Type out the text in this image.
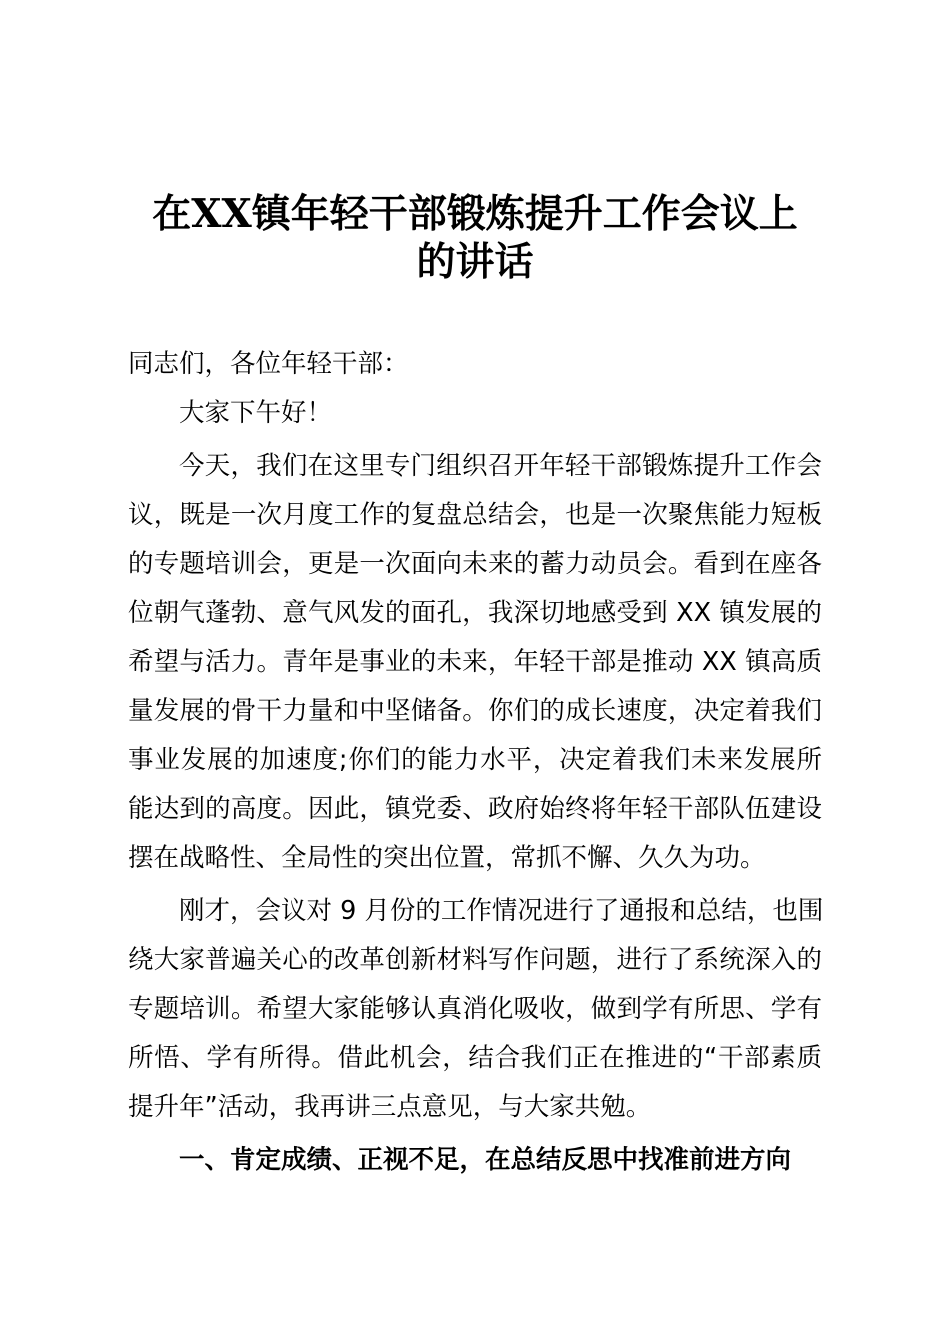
在XX镇年轻干部锻炼提升工作会议上
的讲话
同志们，各位年轻干部：
大家下午好！
今天，我们在这里专门组织召开年轻干部锻炼提升工作会
议，既是一次月度工作的复盘总结会，也是一次聚焦能力短板
的专题培训会，更是一次面向未来的蓄力动员会。看到在座各
位朝气蓬勃、意气风发的面孔，我深切地感受到 XX 镇发展的
希望与活力。青年是事业的未来，年轻干部是推动 XX 镇高质
量发展的骨干力量和中坚储备。你们的成长速度，决定着我们
事业发展的加速度;你们的能力水平，决定着我们未来发展所
能达到的高度。因此，镇党委、政府始终将年轻干部队伍建设
摆在战略性、全局性的突出位置，常抓不懈、久久为功。
刚才，会议对 9 月份的工作情况进行了通报和总结，也围
绕大家普遍关心的改革创新材料写作问题，进行了系统深入的
专题培训。希望大家能够认真消化吸收，做到学有所思、学有
所悟、学有所得。借此机会，结合我们正在推进的“干部素质
提升年”活动，我再讲三点意见，与大家共勉。
一、肯定成绩、正视不足，在总结反思中找准前进方向
